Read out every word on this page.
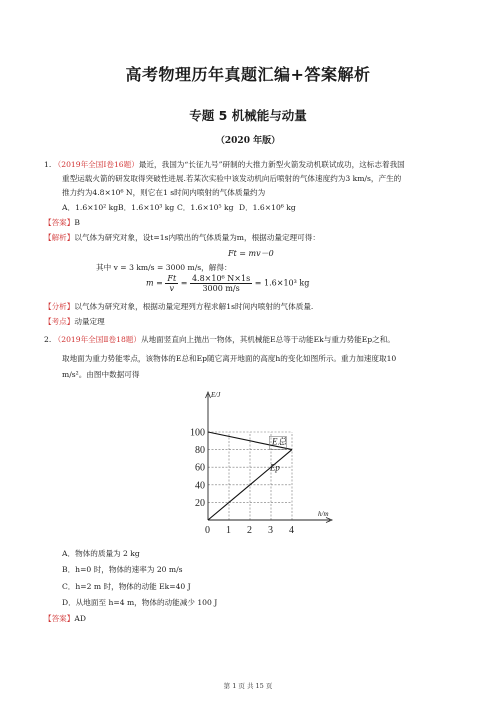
高考物理历年真题汇编+答案解析
专题 5 机械能与动量
（2020 年版）
1. （2019年全国Ⅰ卷16题）最近，我国为“长征九号”研制的大推力新型火箭发动机联试成功，这标志着我国
重型运载火箭的研发取得突破性进展.若某次实验中该发动机向后喷射的气体速度约为3 km/s，产生的
推力约为4.8×10⁶ N，则它在1 s时间内喷射的气体质量约为
A．1.6×10² kg B．1.6×10³ kg C．1.6×10⁵ kg D．1.6×10⁶ kg
【答案】B
【解析】以气体为研究对象，设t=1s内喷出的气体质量为m，根据动量定理可得：
Ft = mv－0
其中 v = 3 km/s = 3000 m/s，解得：
$m = \frac{Ft}{v} = \frac{\text{4.8×10⁶ N×1s}}{3000 m/s} = 1.6\times 10^3$ kg
【分析】以气体为研究对象，根据动量定理列方程求解1s时间内喷射的气体质量.
【考点】动量定理
2. （2019年全国Ⅱ卷18题）从地面竖直向上抛出一物体，其机械能E总等于动能Ek与重力势能Ep之和。
取地面为重力势能零点，该物体的E总和Ep随它离开地面的高度h的变化如图所示。重力加速度取10
m/s²。由图中数据可得
0 1 2 3 4
20
40
60
80
100
E总
Ep
E/J
h/m
A．物体的质量为 2 kg
B．h=0 时，物体的速率为 20 m/s
C．h=2 m 时，物体的动能 Ek=40 J
D．从地面至 h=4 m，物体的动能减少 100 J
【答案】AD
第 1 页 共 15 页
